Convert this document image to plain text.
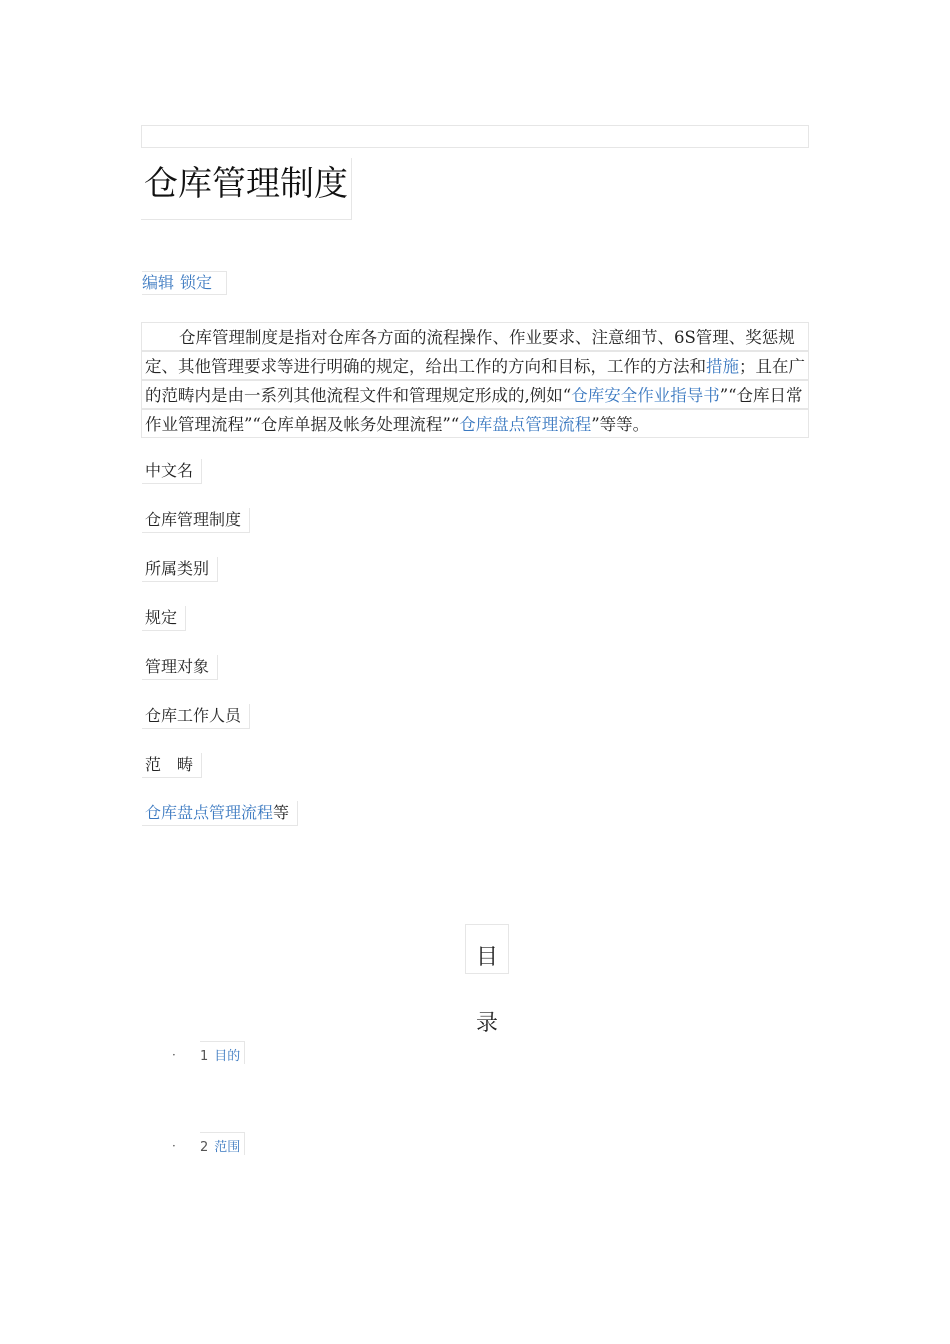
仓库管理制度
编辑 锁定
仓库管理制度是指对仓库各方面的流程操作、作业要求、注意细节、6S管理、奖惩规
定、其他管理要求等进行明确的规定，给出工作的方向和目标，工作的方法和措施；且在广
的范畴内是由一系列其他流程文件和管理规定形成的,例如“仓库安全作业指导书”“仓库日常
作业管理流程”“仓库单据及帐务处理流程”“仓库盘点管理流程”等等。
中文名
仓库管理制度
所属类别
规定
管理对象
仓库工作人员
范　畴
仓库盘点管理流程等
目录
· 1 目的
· 2 范围
